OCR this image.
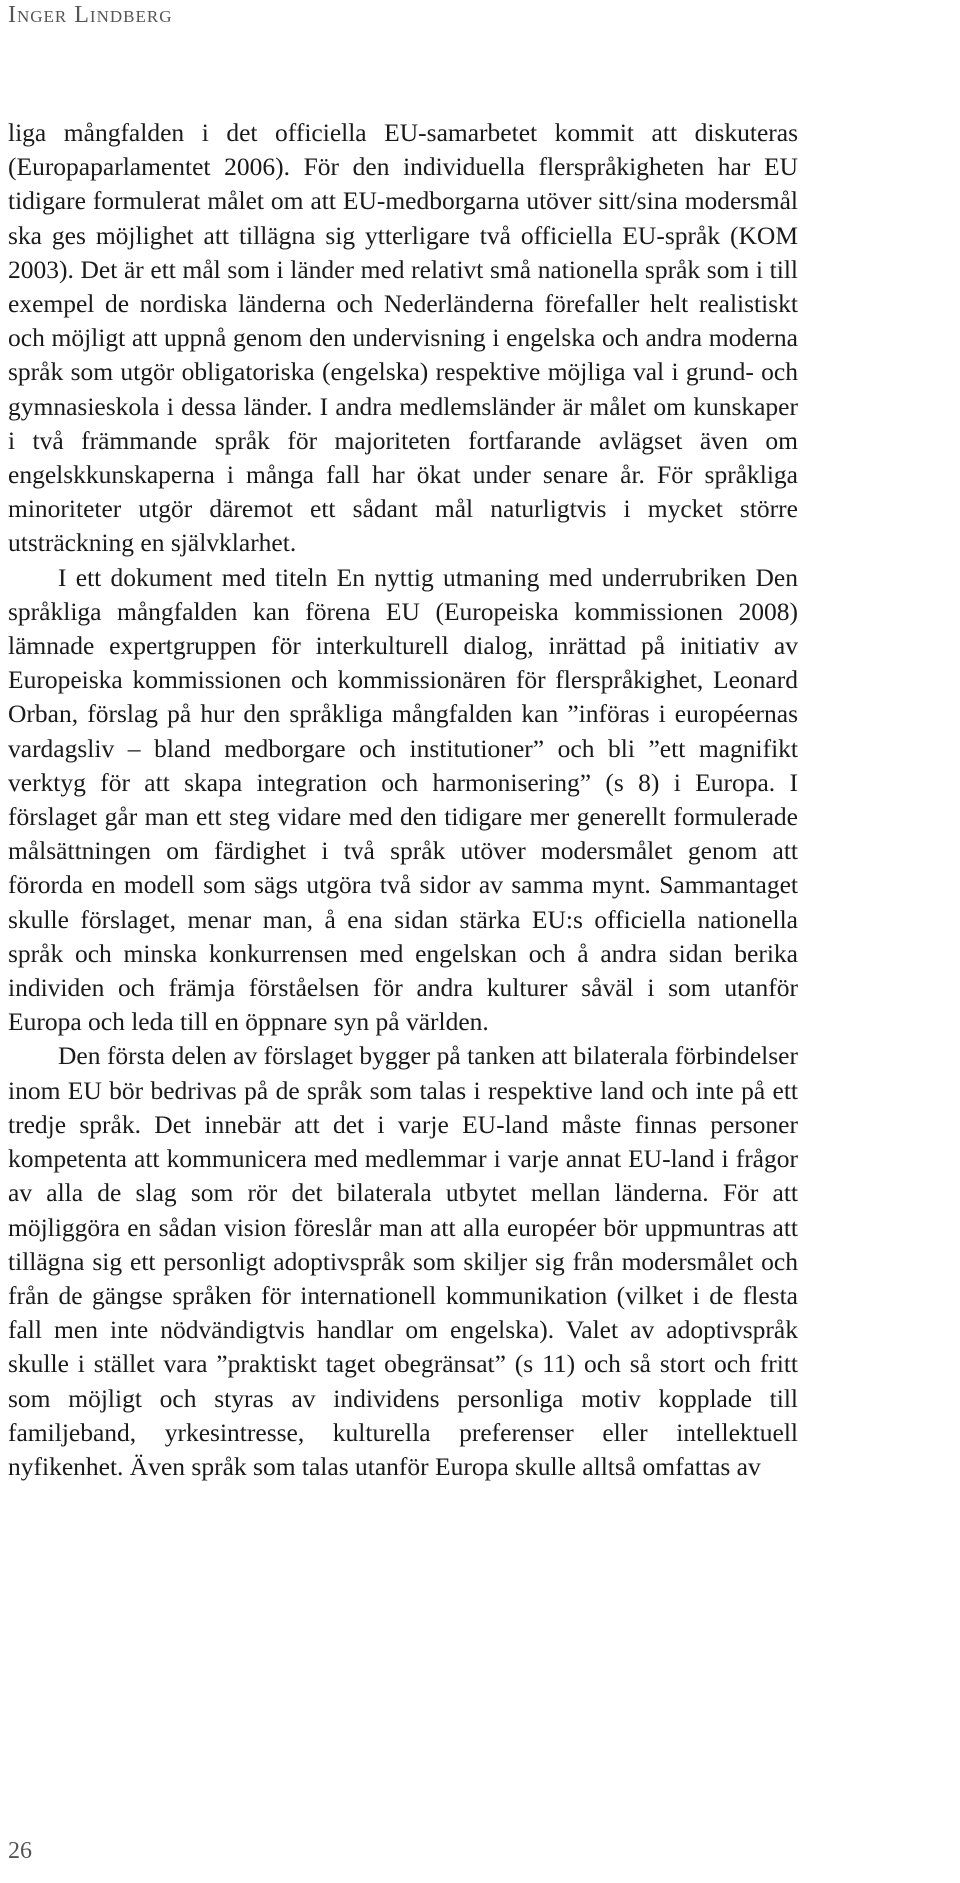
Inger Lindberg

liga mångfalden i det officiella EU-samarbetet kommit att diskuteras (Europaparlamentet 2006). För den individuella flerspråkigheten har EU tidigare formulerat målet om att EU-medborgarna utöver sitt/sina modersmål ska ges möjlighet att tillägna sig ytterligare två officiella EU-språk (KOM 2003). Det är ett mål som i länder med relativt små nationella språk som i till exempel de nordiska länderna och Nederländerna förefaller helt realistiskt och möjligt att uppnå genom den undervisning i engelska och andra moderna språk som utgör obligatoriska (engelska) respektive möjliga val i grund- och gymnasieskola i dessa länder. I andra medlemsländer är målet om kunskaper i två främmande språk för majoriteten fortfarande avlägset även om engelskkunskaperna i många fall har ökat under senare år. För språkliga minoriteter utgör däremot ett sådant mål naturligtvis i mycket större utsträckning en självklarhet.

I ett dokument med titeln En nyttig utmaning med underrubriken Den språkliga mångfalden kan förena EU (Europeiska kommissionen 2008) lämnade expertgruppen för interkulturell dialog, inrättad på initiativ av Europeiska kommissionen och kommissionären för flerspråkighet, Leonard Orban, förslag på hur den språkliga mångfalden kan ”införas i européernas vardagsliv – bland medborgare och institutioner” och bli ”ett magnifikt verktyg för att skapa integration och harmonisering” (s 8) i Europa. I förslaget går man ett steg vidare med den tidigare mer generellt formulerade målsättningen om färdighet i två språk utöver modersmålet genom att förorda en modell som sägs utgöra två sidor av samma mynt. Sammantaget skulle förslaget, menar man, å ena sidan stärka EU:s officiella nationella språk och minska konkurrensen med engelskan och å andra sidan berika individen och främja förståelsen för andra kulturer såväl i som utanför Europa och leda till en öppnare syn på världen.

Den första delen av förslaget bygger på tanken att bilaterala förbindelser inom EU bör bedrivas på de språk som talas i respektive land och inte på ett tredje språk. Det innebär att det i varje EU-land måste finnas personer kompetenta att kommunicera med medlemmar i varje annat EU-land i frågor av alla de slag som rör det bilaterala utbytet mellan länderna. För att möjliggöra en sådan vision föreslår man att alla européer bör uppmuntras att tillägna sig ett personligt adoptivspråk som skiljer sig från modersmålet och från de gängse språken för internationell kommunikation (vilket i de flesta fall men inte nödvändigtvis handlar om engelska). Valet av adoptivspråk skulle i stället vara ”praktiskt taget obegränsat” (s 11) och så stort och fritt som möjligt och styras av individens personliga motiv kopplade till familjeband, yrkesintresse, kulturella preferenser eller intellektuell nyfikenhet. Även språk som talas utanför Europa skulle alltså omfattas av

26
